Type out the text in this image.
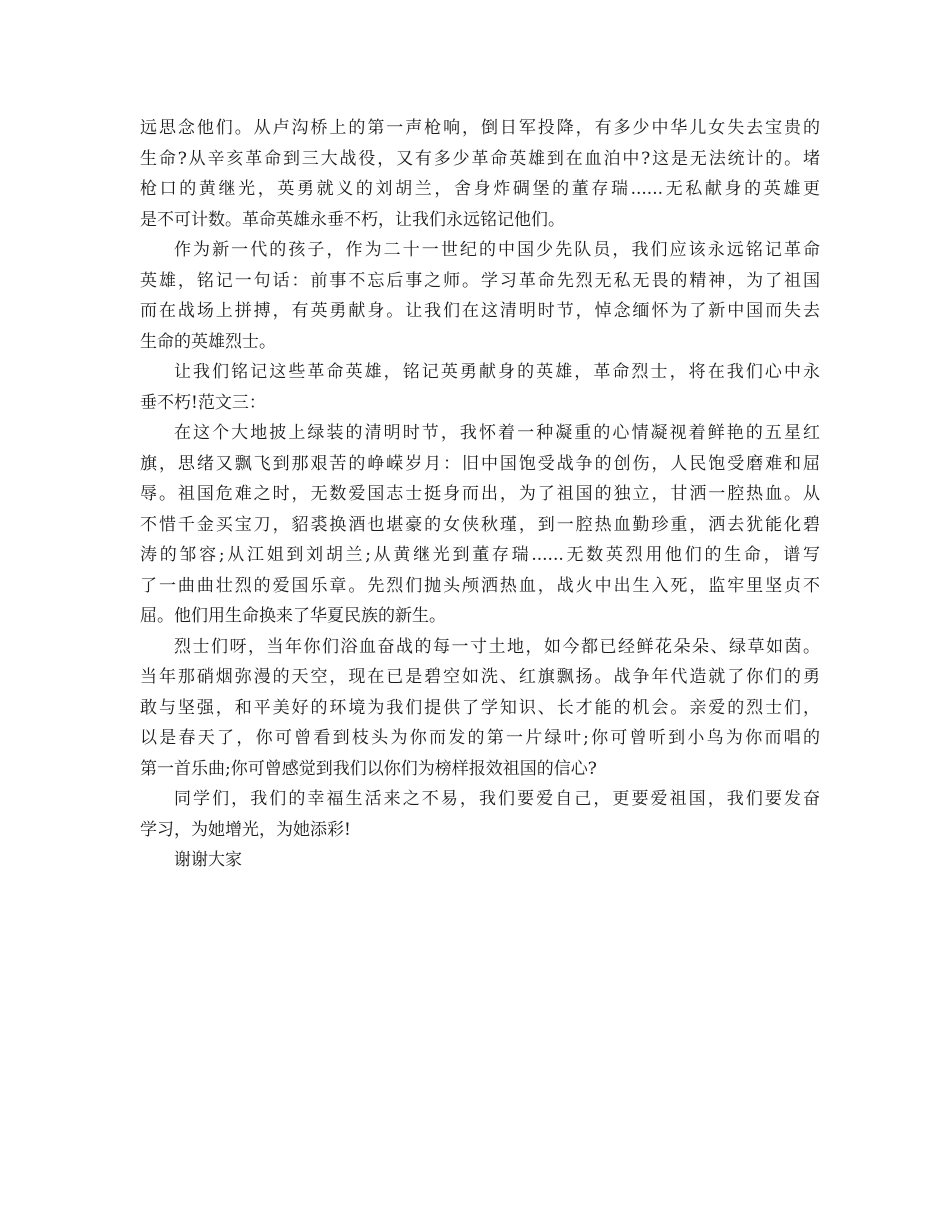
远思念他们。从卢沟桥上的第一声枪响，倒日军投降，有多少中华儿女失去宝贵的
生命?从辛亥革命到三大战役，又有多少革命英雄到在血泊中?这是无法统计的。堵
枪口的黄继光，英勇就义的刘胡兰，舍身炸碉堡的董存瑞......无私献身的英雄更
是不可计数。革命英雄永垂不朽，让我们永远铭记他们。
作为新一代的孩子，作为二十一世纪的中国少先队员，我们应该永远铭记革命
英雄，铭记一句话：前事不忘后事之师。学习革命先烈无私无畏的精神，为了祖国
而在战场上拼搏，有英勇献身。让我们在这清明时节，悼念缅怀为了新中国而失去
生命的英雄烈士。
让我们铭记这些革命英雄，铭记英勇献身的英雄，革命烈士，将在我们心中永
垂不朽!范文三：
在这个大地披上绿装的清明时节，我怀着一种凝重的心情凝视着鲜艳的五星红
旗，思绪又飘飞到那艰苦的峥嵘岁月：旧中国饱受战争的创伤，人民饱受磨难和屈
辱。祖国危难之时，无数爱国志士挺身而出，为了祖国的独立，甘洒一腔热血。从
不惜千金买宝刀，貂裘换酒也堪豪的女侠秋瑾，到一腔热血勤珍重，洒去犹能化碧
涛的邹容;从江姐到刘胡兰;从黄继光到董存瑞......无数英烈用他们的生命，谱写
了一曲曲壮烈的爱国乐章。先烈们抛头颅洒热血，战火中出生入死，监牢里坚贞不
屈。他们用生命换来了华夏民族的新生。
烈士们呀，当年你们浴血奋战的每一寸土地，如今都已经鲜花朵朵、绿草如茵。
当年那硝烟弥漫的天空，现在已是碧空如洗、红旗飘扬。战争年代造就了你们的勇
敢与坚强，和平美好的环境为我们提供了学知识、长才能的机会。亲爱的烈士们，
以是春天了，你可曾看到枝头为你而发的第一片绿叶;你可曾听到小鸟为你而唱的
第一首乐曲;你可曾感觉到我们以你们为榜样报效祖国的信心?
同学们，我们的幸福生活来之不易，我们要爱自己，更要爱祖国，我们要发奋
学习，为她增光，为她添彩!
谢谢大家
